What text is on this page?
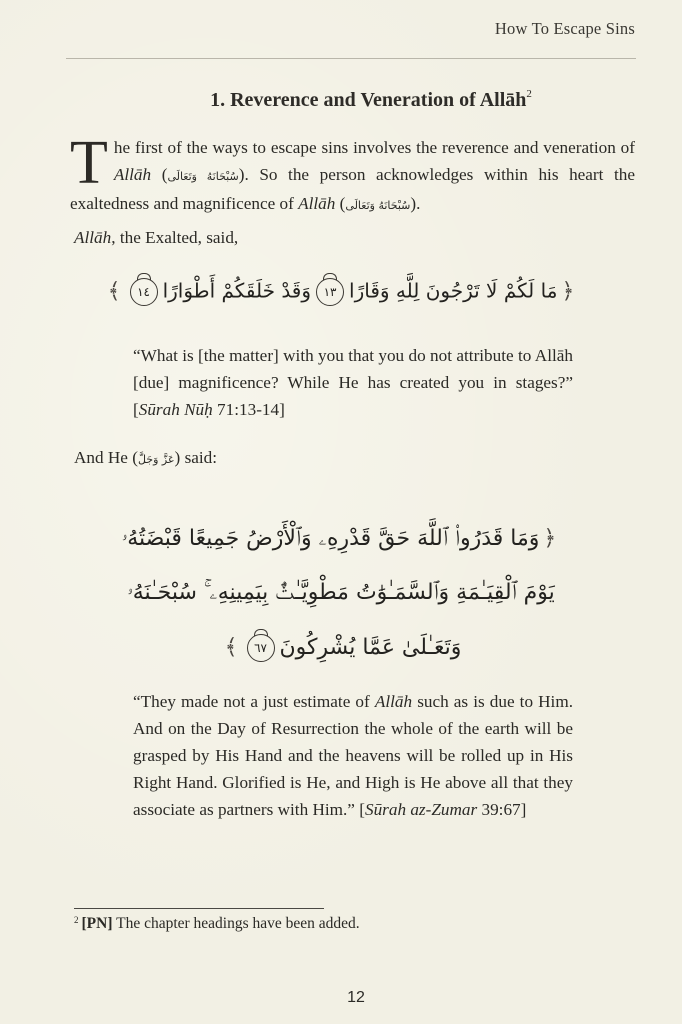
How To Escape Sins
1. Reverence and Veneration of Allāh$^2$
The first of the ways to escape sins involves the reverence and veneration of Allāh (سُبْحَانَهُ وَتَعَالَى). So the person acknowledges within his heart the exaltedness and magnificence of Allāh (سُبْحَانَهُ وَتَعَالَى).
Allāh, the Exalted, said,
﴿مَا لَكُمْ لَا تَرْجُونَ لِلَّهِ وَقَارًا١٣وَقَدْ خَلَقَكُمْ أَطْوَارًا١٤﴾
“What is [the matter] with you that you do not attribute to Allāh [due] magnificence? While He has created you in stages?” [Sūrah Nūḥ 71:13-14]
And He (عَزَّ وَجَلَّ) said:
﴿وَمَا قَدَرُوا۟ ٱللَّهَ حَقَّ قَدْرِهِۦ وَٱلْأَرْضُ جَمِيعًا قَبْضَتُهُۥ
يَوْمَ ٱلْقِيَـٰمَةِ وَٱلسَّمَـٰوَٰتُ مَطْوِيَّـٰتٌۢ بِيَمِينِهِۦ ۚ سُبْحَـٰنَهُۥ
وَتَعَـٰلَىٰ عَمَّا يُشْرِكُونَ٦٧﴾
“They made not a just estimate of Allāh such as is due to Him. And on the Day of Resurrection the whole of the earth will be grasped by His Hand and the heavens will be rolled up in His Right Hand. Glorified is He, and High is He above all that they associate as partners with Him.” [Sūrah az-Zumar 39:67]
$^2$ [PN] The chapter headings have been added.
12
